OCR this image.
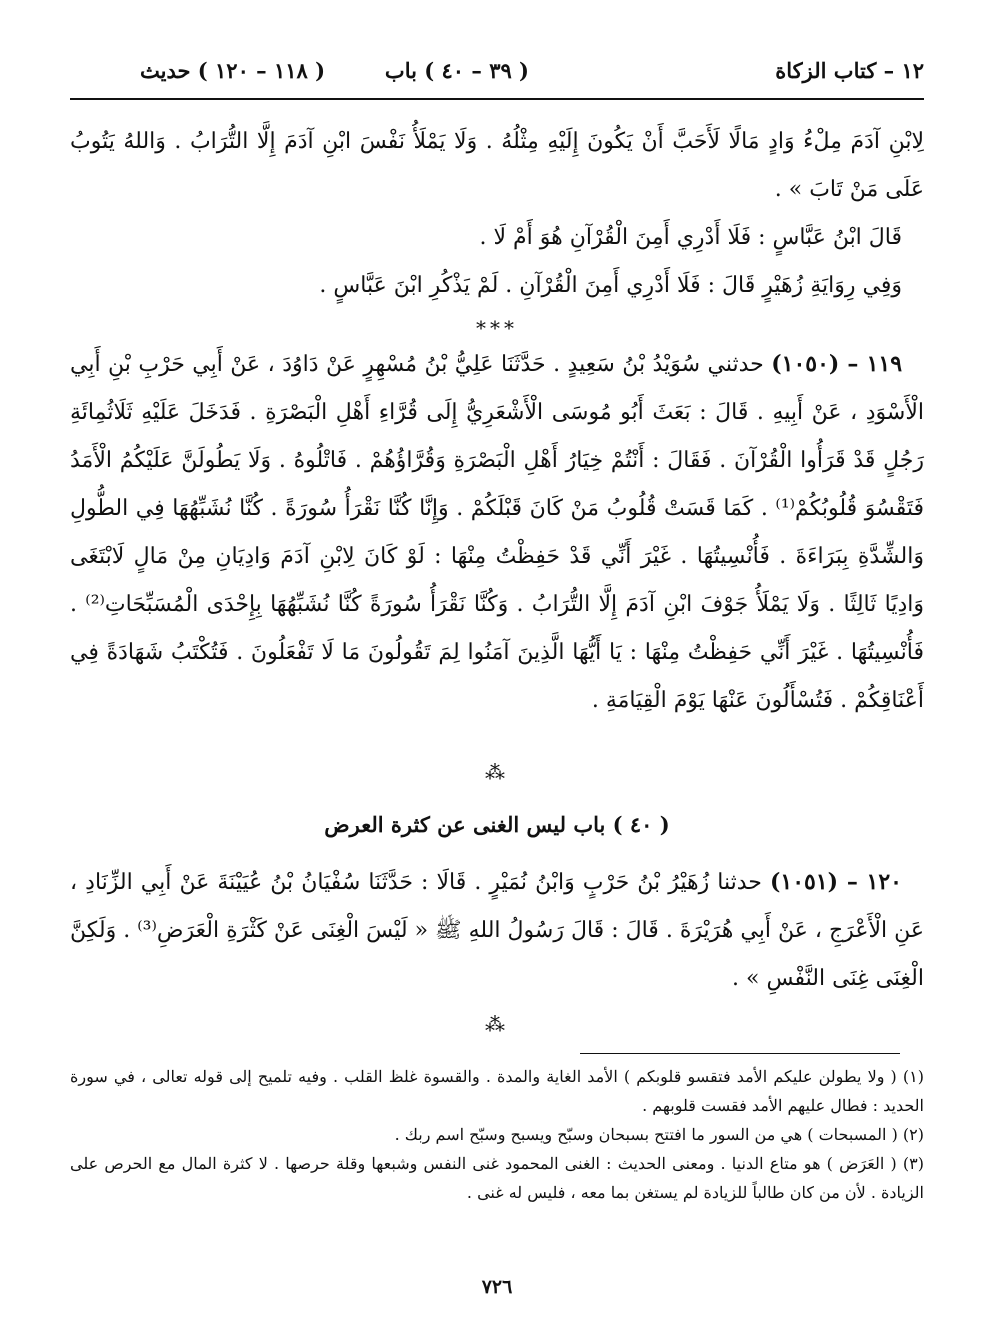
١٢ – كتاب الزكاة
( ٣٩ – ٤٠ ) باب
( ١١٨ – ١٢٠ ) حديث

لِابْنِ آدَمَ مِلْءُ وَادٍ مَالًا لَأَحَبَّ أَنْ يَكُونَ إِلَيْهِ مِثْلُهُ . وَلَا يَمْلَأُ نَفْسَ ابْنِ آدَمَ إِلَّا التُّرَابُ . وَاللهُ يَتُوبُ عَلَى مَنْ تَابَ » .

قَالَ ابْنُ عَبَّاسٍ : فَلَا أَدْرِي أَمِنَ الْقُرْآنِ هُوَ أَمْ لَا .

وَفِي رِوَايَةِ زُهَيْرٍ قَالَ : فَلَا أَدْرِي أَمِنَ الْقُرْآنِ . لَمْ يَذْكُرِ ابْنَ عَبَّاسٍ .

***

١١٩ – (١٠٥٠) حدثني سُوَيْدُ بْنُ سَعِيدٍ . حَدَّثَنَا عَلِيُّ بْنُ مُسْهِرٍ عَنْ دَاوُدَ ، عَنْ أَبِي حَرْبِ بْنِ أَبِي الْأَسْوَدِ ، عَنْ أَبِيهِ . قَالَ : بَعَثَ أَبُو مُوسَى الْأَشْعَرِيُّ إِلَى قُرَّاءِ أَهْلِ الْبَصْرَةِ . فَدَخَلَ عَلَيْهِ ثَلَاثُمِائَةِ رَجُلٍ قَدْ قَرَأُوا الْقُرْآنَ . فَقَالَ : أَنْتُمْ خِيَارُ أَهْلِ الْبَصْرَةِ وَقُرَّاؤُهُمْ . فَاتْلُوهُ . وَلَا يَطُولَنَّ عَلَيْكُمُ الْأَمَدُ فَتَقْسُوَ قُلُوبُكُمْ⁽¹⁾ . كَمَا قَسَتْ قُلُوبُ مَنْ كَانَ قَبْلَكُمْ . وَإِنَّا كُنَّا نَقْرَأُ سُورَةً . كُنَّا نُشَبِّهُهَا فِي الطُّولِ وَالشِّدَّةِ بِبَرَاءَةَ . فَأُنْسِيتُهَا . غَيْرَ أَنِّي قَدْ حَفِظْتُ مِنْهَا : لَوْ كَانَ لِابْنِ آدَمَ وَادِيَانِ مِنْ مَالٍ لَابْتَغَى وَادِيًا ثَالِثًا . وَلَا يَمْلَأُ جَوْفَ ابْنِ آدَمَ إِلَّا التُّرَابُ . وَكُنَّا نَقْرَأُ سُورَةً كُنَّا نُشَبِّهُهَا بِإِحْدَى الْمُسَبِّحَاتِ⁽²⁾ . فَأُنْسِيتُهَا . غَيْرَ أَنِّي حَفِظْتُ مِنْهَا : يَا أَيُّهَا الَّذِينَ آمَنُوا لِمَ تَقُولُونَ مَا لَا تَفْعَلُونَ . فَتُكْتَبُ شَهَادَةً فِي أَعْنَاقِكُمْ . فَتُسْأَلُونَ عَنْهَا يَوْمَ الْقِيَامَةِ .

⁂
( ٤٠ ) باب ليس الغنى عن كثرة العرض

١٢٠ – (١٠٥١) حدثنا زُهَيْرُ بْنُ حَرْبٍ وَابْنُ نُمَيْرٍ . قَالَا : حَدَّثَنَا سُفْيَانُ بْنُ عُيَيْنَةَ عَنْ أَبِي الزِّنَادِ ، عَنِ الْأَعْرَجِ ، عَنْ أَبِي هُرَيْرَةَ . قَالَ : قَالَ رَسُولُ اللهِ ﷺ « لَيْسَ الْغِنَى عَنْ كَثْرَةِ الْعَرَضِ⁽³⁾ . وَلَكِنَّ الْغِنَى غِنَى النَّفْسِ » .

⁂

(١) ( ولا يطولن عليكم الأمد فتقسو قلوبكم ) الأمد الغاية والمدة . والقسوة غلظ القلب . وفيه تلميح إلى قوله تعالى ، في سورة الحديد : فطال عليهم الأمد فقست قلوبهم .

(٢) ( المسبحات ) هي من السور ما افتتح بسبحان وسبّح ويسبح وسبّح اسم ربك .

(٣) ( العَرَض ) هو متاع الدنيا . ومعنى الحديث : الغنى المحمود غنى النفس وشبعها وقلة حرصها . لا كثرة المال مع الحرص على الزيادة . لأن من كان طالباً للزيادة لم يستغن بما معه ، فليس له غنى .

٧٢٦
